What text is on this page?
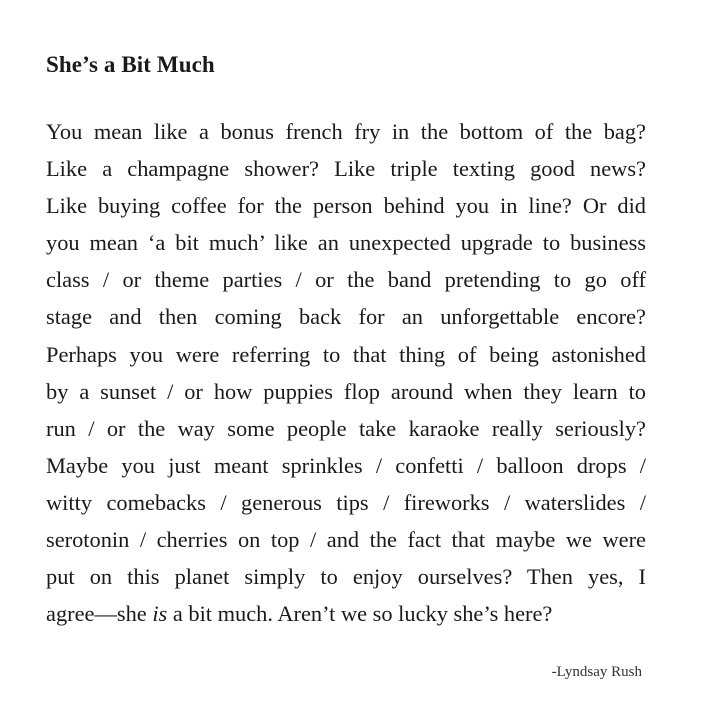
She’s a Bit Much
You mean like a bonus french fry in the bottom of the bag?
Like a champagne shower? Like triple texting good news?
Like buying coffee for the person behind you in line? Or did
you mean ‘a bit much’ like an unexpected upgrade to business
class / or theme parties / or the band pretending to go off
stage and then coming back for an unforgettable encore?
Perhaps you were referring to that thing of being astonished
by a sunset / or how puppies flop around when they learn to
run / or the way some people take karaoke really seriously?
Maybe you just meant sprinkles / confetti / balloon drops /
witty comebacks / generous tips / fireworks / waterslides /
serotonin / cherries on top / and the fact that maybe we were
put on this planet simply to enjoy ourselves? Then yes, I
agree—she is a bit much. Aren’t we so lucky she’s here?
-Lyndsay Rush
